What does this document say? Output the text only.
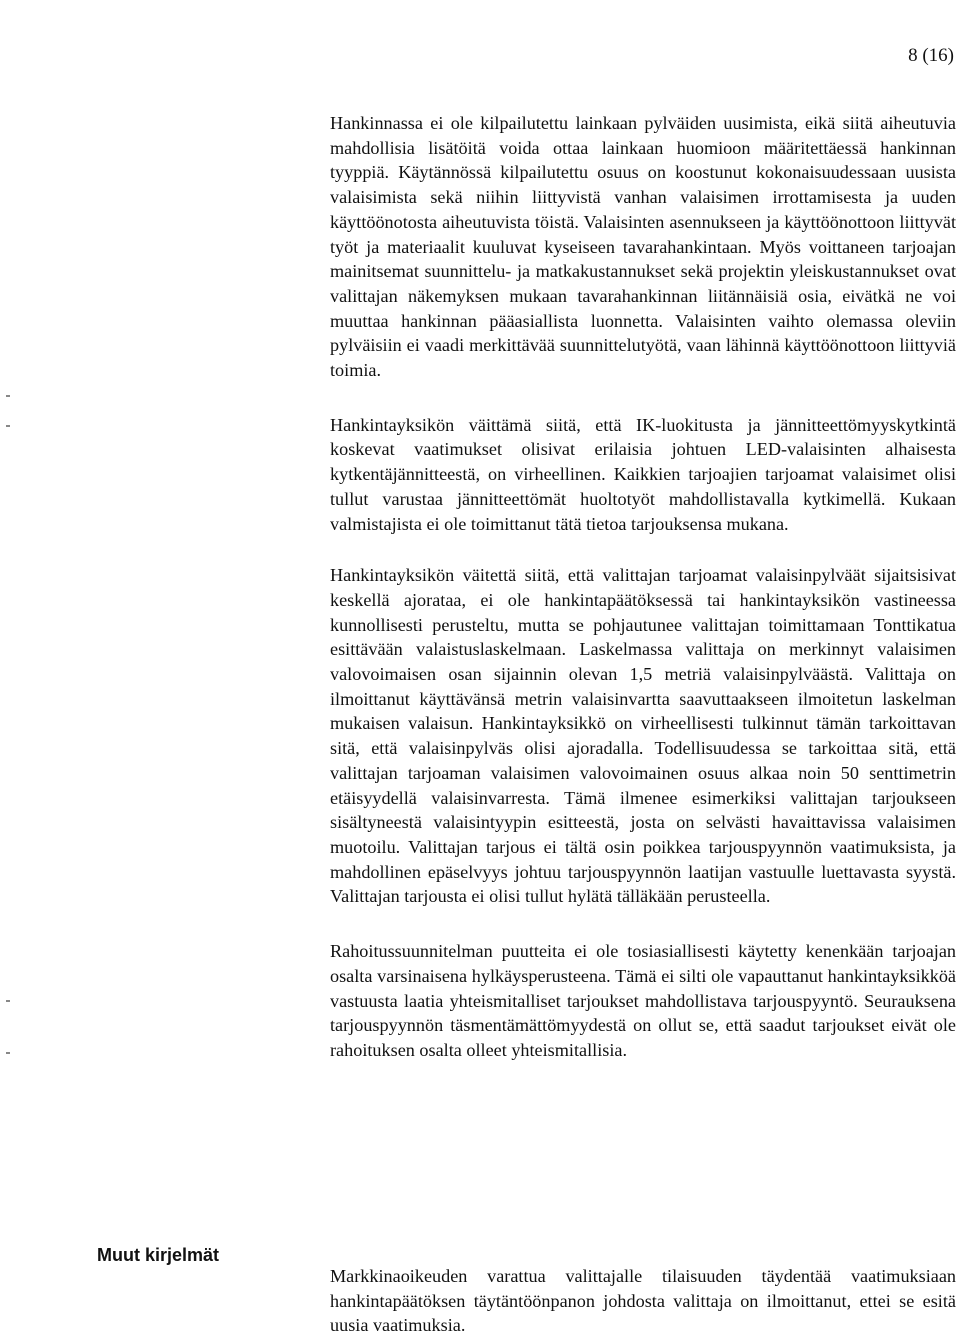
8 (16)

Hankinnassa ei ole kilpailutettu lainkaan pylväiden uusimista, eikä siitä aiheutuvia mahdollisia lisätöitä voida ottaa lainkaan huomioon määritettäessä hankinnan tyyppiä. Käytännössä kilpailutettu osuus on koostunut kokonaisuudessaan uusista valaisimista sekä niihin liittyvistä vanhan valaisimen irrottamisesta ja uuden käyttöönotosta aiheutuvista töistä. Valaisinten asennukseen ja käyttöönottoon liittyvät työt ja materiaalit kuuluvat kyseiseen tavarahankintaan. Myös voittaneen tarjoajan mainitsemat suunnittelu- ja matkakustannukset sekä projektin yleiskustannukset ovat valittajan näkemyksen mukaan tavarahankinnan liitännäisiä osia, eivätkä ne voi muuttaa hankinnan pääasiallista luonnetta. Valaisinten vaihto olemassa oleviin pylväisiin ei vaadi merkittävää suunnittelutyötä, vaan lähinnä käyttöönottoon liittyviä toimia.

Hankintayksikön väittämä siitä, että IK-luokitusta ja jännitteettömyyskytkintä koskevat vaatimukset olisivat erilaisia johtuen LED-valaisinten alhaisesta kytkentäjännitteestä, on virheellinen. Kaikkien tarjoajien tarjoamat valaisimet olisi tullut varustaa jännitteettömät huoltotyöt mahdollistavalla kytkimellä. Kukaan valmistajista ei ole toimittanut tätä tietoa tarjouksensa mukana.

Hankintayksikön väitettä siitä, että valittajan tarjoamat valaisinpylväät sijaitsisivat keskellä ajorataa, ei ole hankintapäätöksessä tai hankintayksikön vastineessa kunnollisesti perusteltu, mutta se pohjautunee valittajan toimittamaan Tonttikatua esittävään valaistuslaskelmaan. Laskelmassa valittaja on merkinnyt valaisimen valovoimaisen osan sijainnin olevan 1,5 metriä valaisinpylväästä. Valittaja on ilmoittanut käyttävänsä metrin valaisinvartta saavuttaakseen ilmoitetun laskelman mukaisen valaisun. Hankintayksikkö on virheellisesti tulkinnut tämän tarkoittavan sitä, että valaisinpylväs olisi ajoradalla. Todellisuudessa se tarkoittaa sitä, että valittajan tarjoaman valaisimen valovoimainen osuus alkaa noin 50 senttimetrin etäisyydellä valaisinvarresta. Tämä ilmenee esimerkiksi valittajan tarjoukseen sisältyneestä valaisintyypin esitteestä, josta on selvästi havaittavissa valaisimen muotoilu. Valittajan tarjous ei tältä osin poikkea tarjouspyynnön vaatimuksista, ja mahdollinen epäselvyys johtuu tarjouspyynnön laatijan vastuulle luettavasta syystä. Valittajan tarjousta ei olisi tullut hylätä tälläkään perusteella.

Rahoitussuunnitelman puutteita ei ole tosiasiallisesti käytetty kenenkään tarjoajan osalta varsinaisena hylkäysperusteena. Tämä ei silti ole vapauttanut hankintayksikköä vastuusta laatia yhteismitalliset tarjoukset mahdollistava tarjouspyyntö. Seurauksena tarjouspyynnön täsmentämättömyydestä on ollut se, että saadut tarjoukset eivät ole rahoituksen osalta olleet yhteismitallisia.

Muut kirjelmät

Markkinaoikeuden varattua valittajalle tilaisuuden täydentää vaatimuksiaan hankintapäätöksen täytäntöönpanon johdosta valittaja on ilmoittanut, ettei se esitä uusia vaatimuksia.
